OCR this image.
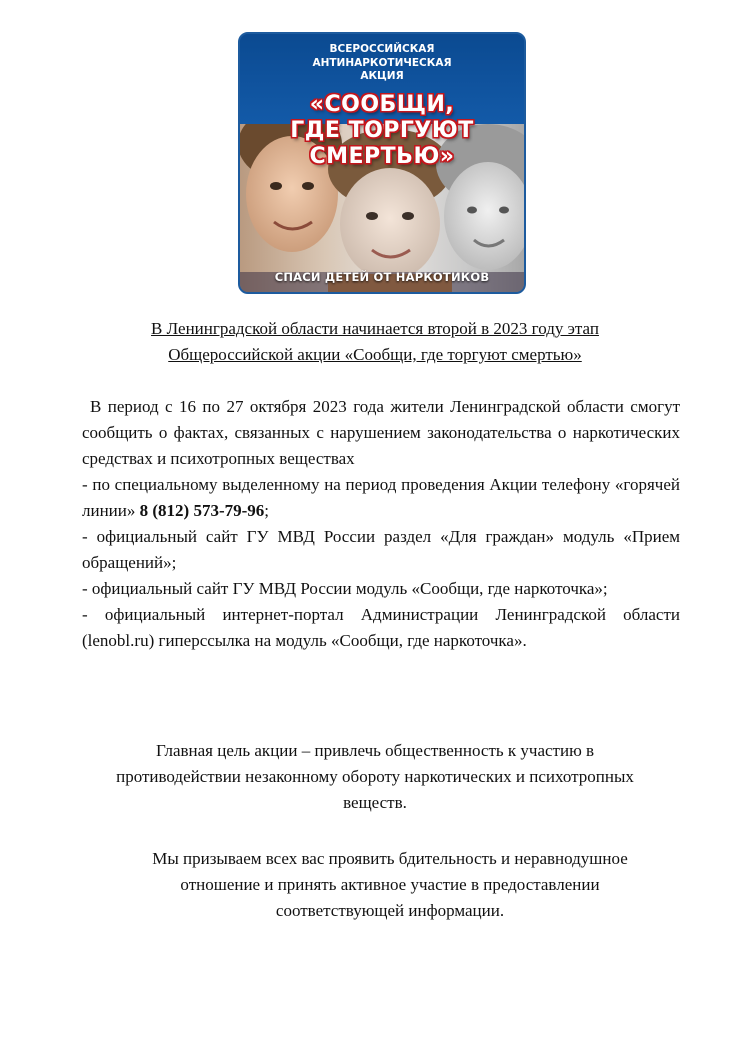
ВСЕРОССИЙСКАЯ
АНТИНАРКОТИЧЕСКАЯ
АКЦИЯ
«СООБЩИ,
ГДЕ ТОРГУЮТ
СМЕРТЬЮ»
СПАСИ ДЕТЕЙ ОТ НАРКОТИКОВ
В Ленинградской области начинается второй в 2023 году этап
Общероссийской акции «Сообщи, где торгуют смертью»

В период с 16 по 27 октября 2023 года жители Ленинградской области смогут сообщить о фактах, связанных с нарушением законодательства о наркотических средствах и психотропных веществах

- по специальному выделенному на период проведения Акции телефону «горячей линии» 8 (812) 573-79-96;

- официальный сайт ГУ МВД России раздел «Для граждан» модуль «Прием обращений»;

- официальный сайт ГУ МВД России модуль «Сообщи, где наркоточка»;

- официальный интернет-портал Администрации Ленинградской области (lenobl.ru) гиперссылка на модуль «Сообщи, где наркоточка».

Главная цель акции – привлечь общественность к участию в
противодействии незаконному обороту наркотических и психотропных
веществ.
Мы призываем всех вас проявить бдительность и неравнодушное
отношение и принять активное участие в предоставлении
соответствующей информации.
